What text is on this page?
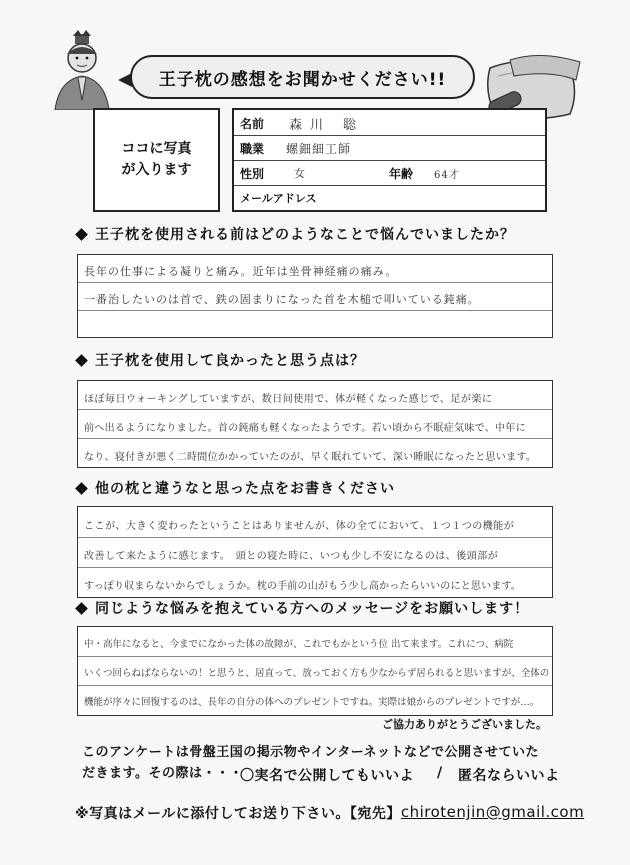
王子枕の感想をお聞かせください!!
ココに写真
が入ります
名前 森川 聡
職業 螺鈿細工師
性別	女	年齢 64才
メールアドレス
王子枕を使用される前はどのようなことで悩んでいましたか？
長年の仕事による凝りと痛み。近年は坐骨神経痛の痛み。
一番治したいのは首で、鉄の固まりになった首を木槌で叩いている鈍痛。
王子枕を使用して良かったと思う点は？
ほぼ毎日ウォーキングしていますが、数日间使用で、体が軽くなった感じで、足が楽に
前へ出るようになりました。首の鈍痛も軽くなったようです。若い頃から不眠症気味で、中年に
なり、寝付きが悪く二時間位かかっていたのが、早く眠れていて、深い睡眠になったと思います。
他の枕と違うなと思った点をお書きください
ここが、大きく変わったということはありませんが、体の全てにおいて、１つ１つの機能が
改善して来たように感じます。　頭との寝た時に、いつも少し不安になるのは、後頭部が
すっぽり収まらないからでしょうか。枕の手前の山がもう少し高かったらいいのにと思います。
同じような悩みを抱えている方へのメッセージをお願いします！
中・高年になると、今までになかった体の故障が、これでもかという位 出て来ます。これにつ、病院
いくつ回らねばならないの！と思うと、居直って、放っておく方も少なからず居られると思いますが、全体の
機能が序々に回復するのは、長年の自分の体へのプレゼントですね。実際は娘からのプレゼントですが…。
ご協力ありがとうございました。
このアンケートは骨盤王国の掲示物やインターネットなどで公開させていた
だきます。その際は・・・
〇実名で公開してもいいよ / 匿名ならいいよ
※写真はメールに添付してお送り下さい。【宛先】 chirotenjin@gmail.com
